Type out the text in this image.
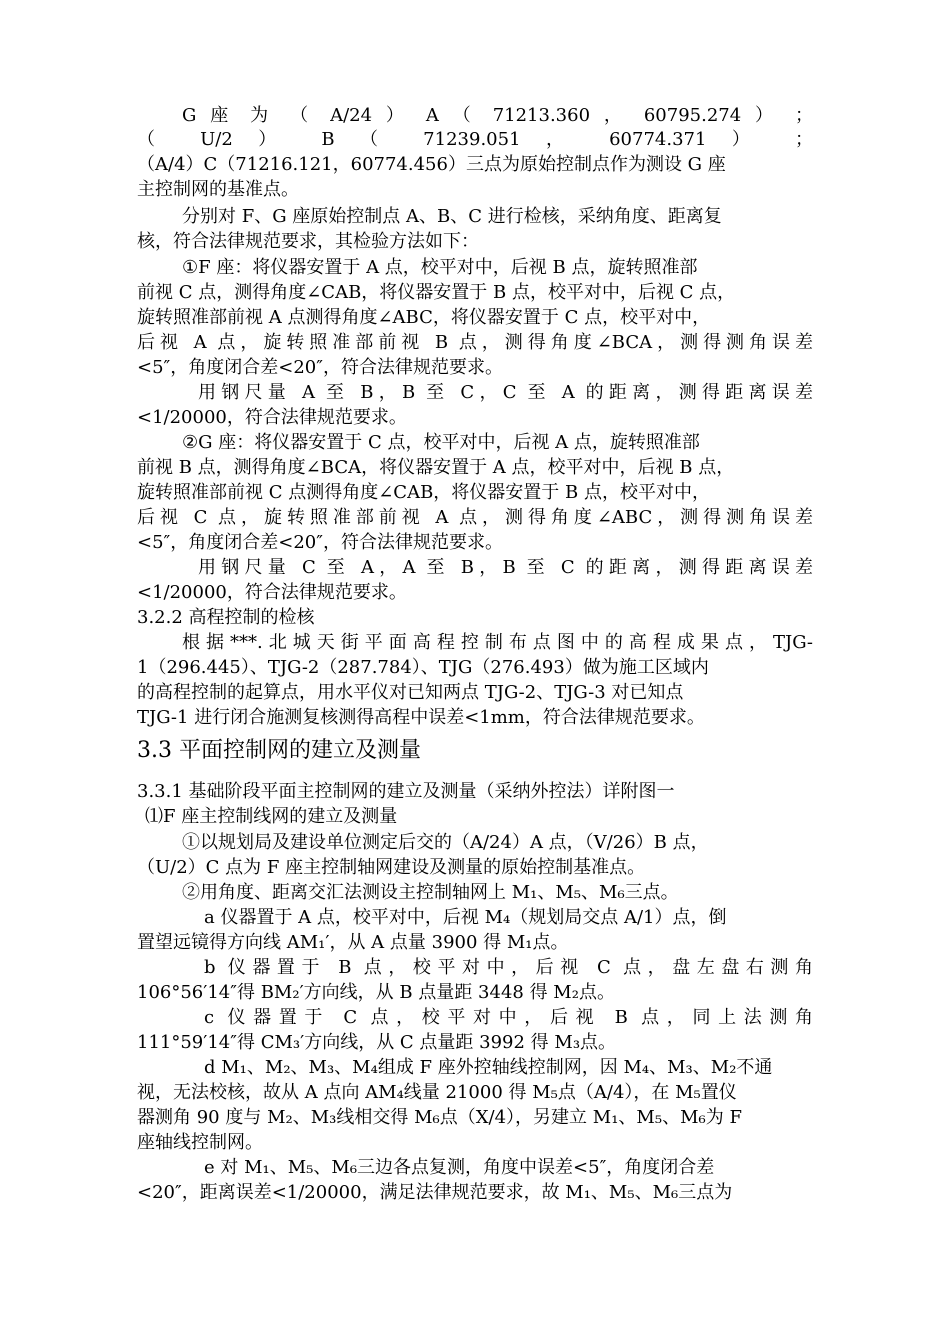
G 座 为 （ A/24 ） A （ 71213.360 ， 60795.274 ） ；
（ U/2 ） B （ 71239.051 ， 60774.371 ） ；
（A/4）C（71216.121，60774.456）三点为原始控制点作为测设 G 座
主控制网的基准点。
分别对 F、G 座原始控制点 A、B、C 进行检核，采纳角度、距离复
核，符合法律规范要求，其检验方法如下：
①F 座：将仪器安置于 A 点，校平对中，后视 B 点，旋转照准部
前视 C 点，测得角度∠CAB，将仪器安置于 B 点，校平对中，后视 C 点，
旋转照准部前视 A 点测得角度∠ABC，将仪器安置于 C 点，校平对中，
后视 A 点，旋转照准部前视 B 点，测得角度∠BCA，测得测角误差
<5″，角度闭合差<20″，符合法律规范要求。
用钢尺量 A 至 B，B 至 C，C 至 A 的距离，测得距离误差
<1/20000，符合法律规范要求。
②G 座：将仪器安置于 C 点，校平对中，后视 A 点，旋转照准部
前视 B 点，测得角度∠BCA，将仪器安置于 A 点，校平对中，后视 B 点，
旋转照准部前视 C 点测得角度∠CAB，将仪器安置于 B 点，校平对中，
后视 C 点，旋转照准部前视 A 点，测得角度∠ABC，测得测角误差
<5″，角度闭合差<20″，符合法律规范要求。
用钢尺量 C 至 A，A 至 B，B 至 C 的距离，测得距离误差
<1/20000，符合法律规范要求。
3.2.2 高程控制的检核
根据***.北城天街平面高程控制布点图中的高程成果点，TJG-
1（296.445）、TJG-2（287.784）、TJG（276.493）做为施工区域内
的高程控制的起算点，用水平仪对已知两点 TJG-2、TJG-3 对已知点
TJG-1 进行闭合施测复核测得高程中误差<1mm，符合法律规范要求。
3.3.1 基础阶段平面主控制网的建立及测量（采纳外控法）详附图一
⑴F 座主控制线网的建立及测量
①以规划局及建设单位测定后交的（A/24）A 点，（V/26）B 点，
（U/2）C 点为 F 座主控制轴网建设及测量的原始控制基准点。
②用角度、距离交汇法测设主控制轴网上 M₁、M₅、M₆三点。
a 仪器置于 A 点，校平对中，后视 M₄（规划局交点 A/1）点，倒
置望远镜得方向线 AM₁′，从 A 点量 3900 得 M₁点。
b 仪器置于 B 点，校平对中，后视 C 点，盘左盘右测角
106°56′14″得 BM₂′方向线，从 B 点量距 3448 得 M₂点。
c 仪器置于 C 点，校平对中，后视 B 点，同上法测角
111°59′14″得 CM₃′方向线，从 C 点量距 3992 得 M₃点。
d M₁、M₂、M₃、M₄组成 F 座外控轴线控制网，因 M₄、M₃、M₂不通
视，无法校核，故从 A 点向 AM₄线量 21000 得 M₅点（A/4），在 M₅置仪
器测角 90 度与 M₂、M₃线相交得 M₆点（X/4），另建立 M₁、M₅、M₆为 F
座轴线控制网。
e 对 M₁、M₅、M₆三边各点复测，角度中误差<5″，角度闭合差
<20″，距离误差<1/20000，满足法律规范要求，故 M₁、M₅、M₆三点为
3.3 平面控制网的建立及测量
